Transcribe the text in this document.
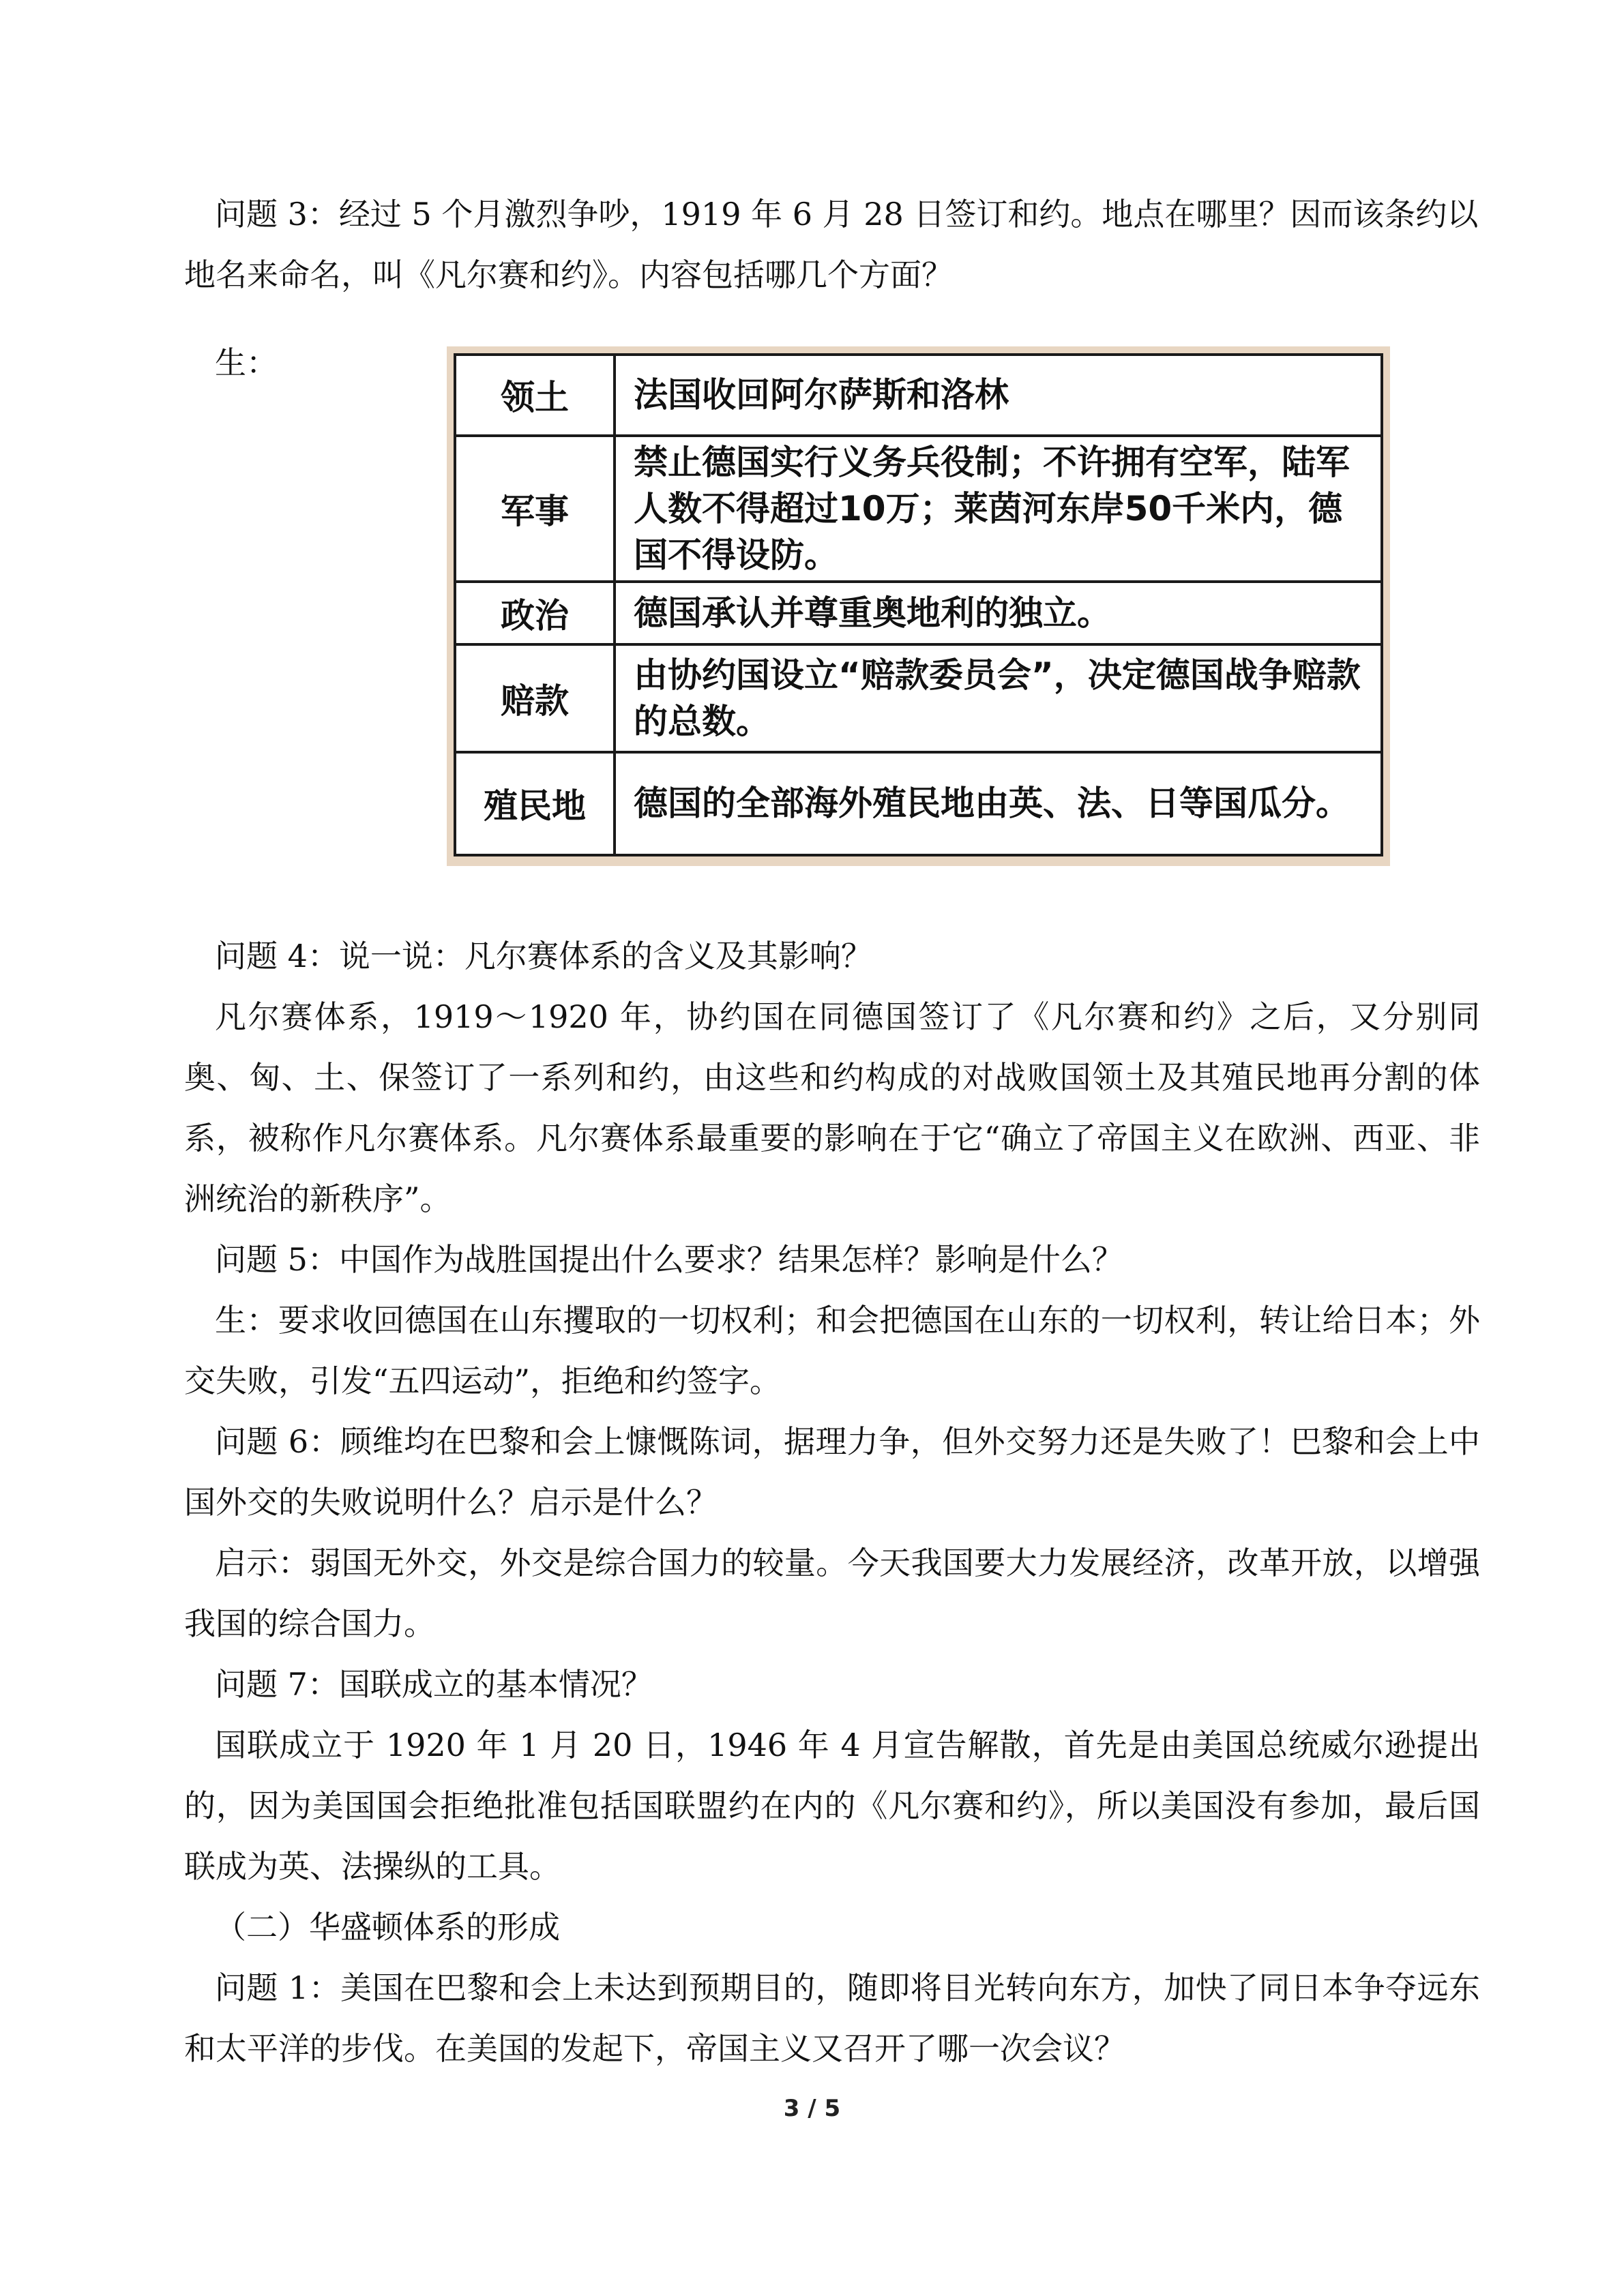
问题 3：经过 5 个月激烈争吵，1919 年 6 月 28 日签订和约。地点在哪里？因而该条约以

地名来命名，叫《凡尔赛和约》。内容包括哪几个方面？

生：

领土	法国收回阿尔萨斯和洛林
军事	禁止德国实行义务兵役制；不许拥有空军，陆军人数不得超过10万；莱茵河东岸50千米内，德国不得设防。
政治	德国承认并尊重奥地利的独立。
赔款	由协约国设立“赔款委员会”，决定德国战争赔款的总数。
殖民地	德国的全部海外殖民地由英、法、日等国瓜分。

问题 4：说一说：凡尔赛体系的含义及其影响？

凡尔赛体系，1919～1920 年，协约国在同德国签订了《凡尔赛和约》之后，又分别同奥、匈、土、保签订了一系列和约，由这些和约构成的对战败国领土及其殖民地再分割的体系，被称作凡尔赛体系。凡尔赛体系最重要的影响在于它“确立了帝国主义在欧洲、西亚、非洲统治的新秩序”。

问题 5：中国作为战胜国提出什么要求？结果怎样？影响是什么？

生：要求收回德国在山东攫取的一切权利；和会把德国在山东的一切权利，转让给日本；外交失败，引发“五四运动”，拒绝和约签字。

问题 6：顾维均在巴黎和会上慷慨陈词，据理力争，但外交努力还是失败了！巴黎和会上中国外交的失败说明什么？启示是什么？

启示：弱国无外交，外交是综合国力的较量。今天我国要大力发展经济，改革开放，以增强我国的综合国力。

问题 7：国联成立的基本情况？

国联成立于 1920 年 1 月 20 日，1946 年 4 月宣告解散，首先是由美国总统威尔逊提出的，因为美国国会拒绝批准包括国联盟约在内的《凡尔赛和约》，所以美国没有参加，最后国联成为英、法操纵的工具。

（二）华盛顿体系的形成

问题 1：美国在巴黎和会上未达到预期目的，随即将目光转向东方，加快了同日本争夺远东和太平洋的步伐。在美国的发起下，帝国主义又召开了哪一次会议？

3 / 5
